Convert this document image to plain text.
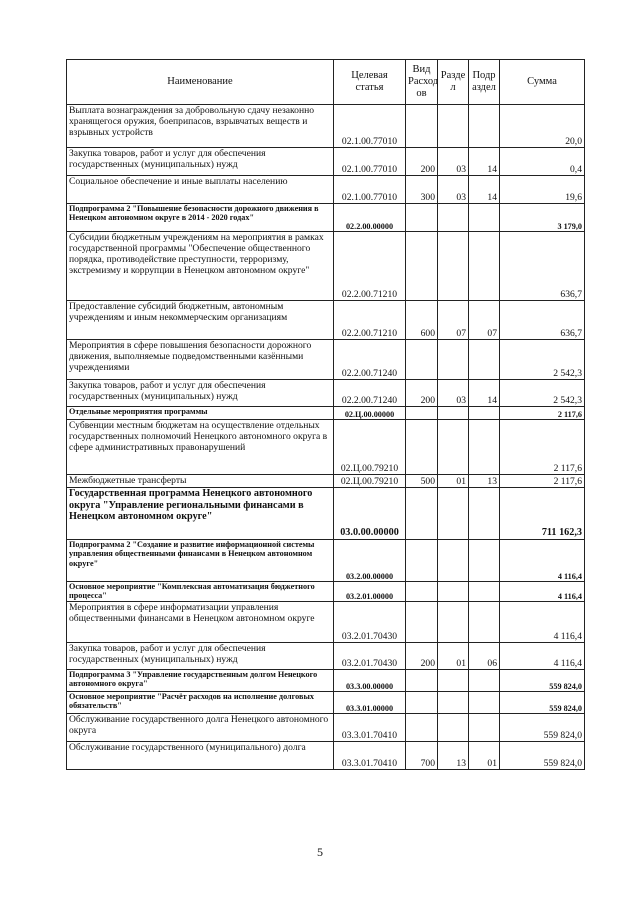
Наименование	Целевая статья	Вид Расход ов	Разде л	Подр аздел	Сумма
Выплата вознаграждения за добровольную сдачу незаконно хранящегося оружия, боеприпасов, взрывчатых веществ и взрывных устройств	02.1.00.77010				20,0
Закупка товаров, работ и услуг для обеспечения государственных (муниципальных) нужд	02.1.00.77010	200	03	14	0,4
Социальное обеспечение и иные выплаты населению	02.1.00.77010	300	03	14	19,6
Подпрограмма 2 "Повышение безопасности дорожного движения в Ненецком автономном округе в 2014 - 2020 годах"	02.2.00.00000				3 179,0
Субсидии бюджетным учреждениям на мероприятия в рамках государственной программы "Обеспечение общественного порядка, противодействие преступности, терроризму, экстремизму и коррупции в Ненецком автономном округе"	02.2.00.71210				636,7
Предоставление субсидий бюджетным, автономным учреждениям и иным некоммерческим организациям	02.2.00.71210	600	07	07	636,7
Мероприятия в сфере повышения безопасности дорожного движения, выполняемые подведомственными казёнными учреждениями	02.2.00.71240				2 542,3
Закупка товаров, работ и услуг для обеспечения государственных (муниципальных) нужд	02.2.00.71240	200	03	14	2 542,3
Отдельные мероприятия программы	02.Ц.00.00000				2 117,6
Субвенции местным бюджетам на осуществление отдельных государственных полномочий Ненецкого автономного округа в сфере административных правонарушений	02.Ц.00.79210				2 117,6
Межбюджетные трансферты	02.Ц.00.79210	500	01	13	2 117,6
Государственная программа Ненецкого автономного округа "Управление региональными финансами в Ненецком автономном округе"	03.0.00.00000				711 162,3
Подпрограмма 2 "Создание и развитие информационной системы управления общественными финансами в Ненецком автономном округе"	03.2.00.00000				4 116,4
Основное мероприятие "Комплексная автоматизация бюджетного процесса"	03.2.01.00000				4 116,4
Мероприятия в сфере информатизации управления общественными финансами в Ненецком автономном округе	03.2.01.70430				4 116,4
Закупка товаров, работ и услуг для обеспечения государственных (муниципальных) нужд	03.2.01.70430	200	01	06	4 116,4
Подпрограмма 3 "Управление государственным долгом Ненецкого автономного округа"	03.3.00.00000				559 824,0
Основное мероприятие "Расчёт расходов на исполнение долговых обязательств"	03.3.01.00000				559 824,0
Обслуживание государственного долга Ненецкого автономного округа	03.3.01.70410				559 824,0
Обслуживание государственного (муниципального) долга	03.3.01.70410	700	13	01	559 824,0
5
